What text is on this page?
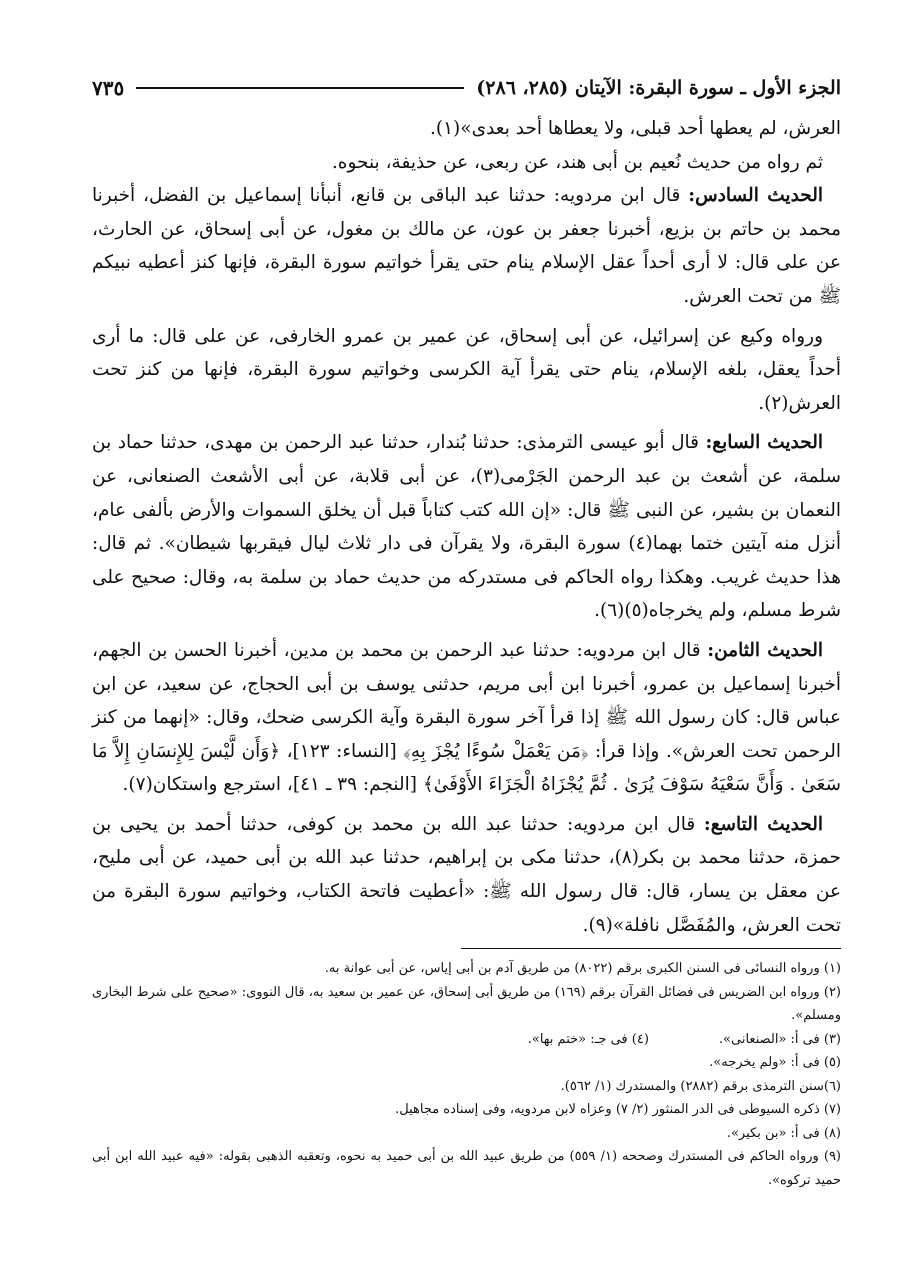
الجزء الأول ـ سورة البقرة: الآيتان (٢٨٥، ٢٨٦)
٧٣٥

العرش، لم يعطها أحد قبلى، ولا يعطاها أحد بعدى»(١).

ثم رواه من حديث نُعيم بن أبى هند، عن ربعى، عن حذيفة، بنحوه.

الحديث السادس: قال ابن مردويه: حدثنا عبد الباقى بن قانع، أنبأنا إسماعيل بن الفضل، أخبرنا محمد بن حاتم بن بزيع، أخبرنا جعفر بن عون، عن مالك بن مغول، عن أبى إسحاق، عن الحارث، عن على قال: لا أرى أحداً عقل الإسلام ينام حتى يقرأ خواتيم سورة البقرة، فإنها كنز أعطيه نبيكم ﷺ من تحت العرش.

ورواه وكيع عن إسرائيل، عن أبى إسحاق، عن عمير بن عمرو الخارفى، عن على قال: ما أرى أحداً يعقل، بلغه الإسلام، ينام حتى يقرأ آية الكرسى وخواتيم سورة البقرة، فإنها من كنز تحت العرش(٢).

الحديث السابع: قال أبو عيسى الترمذى: حدثنا بُندار، حدثنا عبد الرحمن بن مهدى، حدثنا حماد بن سلمة، عن أشعث بن عبد الرحمن الجَرْمى(٣)، عن أبى قلابة، عن أبى الأشعث الصنعانى، عن النعمان بن بشير، عن النبى ﷺ قال: «إن الله كتب كتاباً قبل أن يخلق السموات والأرض بألفى عام، أنزل منه آيتين ختما بهما(٤) سورة البقرة، ولا يقرآن فى دار ثلاث ليال فيقربها شيطان». ثم قال: هذا حديث غريب. وهكذا رواه الحاكم فى مستدركه من حديث حماد بن سلمة به، وقال: صحيح على شرط مسلم، ولم يخرجاه(٥)(٦).

الحديث الثامن: قال ابن مردويه: حدثنا عبد الرحمن بن محمد بن مدين، أخبرنا الحسن بن الجهم، أخبرنا إسماعيل بن عمرو، أخبرنا ابن أبى مريم، حدثنى يوسف بن أبى الحجاج، عن سعيد، عن ابن عباس قال: كان رسول الله ﷺ إذا قرأ آخر سورة البقرة وآية الكرسى ضحك، وقال: «إنهما من كنز الرحمن تحت العرش». وإذا قرأ: ﴿مَن يَعْمَلْ سُوءًا يُجْزَ بِهِ﴾ [النساء: ١٢٣]، ﴿وَأَن لَّيْسَ لِلإِنسَانِ إِلاَّ مَا سَعَىٰ . وَأَنَّ سَعْيَهُ سَوْفَ يُرَىٰ . ثُمَّ يُجْزَاهُ الْجَزَاءَ الأَوْفَىٰ﴾ [النجم: ٣٩ ـ ٤١]، استرجع واستكان(٧).

الحديث التاسع: قال ابن مردويه: حدثنا عبد الله بن محمد بن كوفى، حدثنا أحمد بن يحيى بن حمزة، حدثنا محمد بن بكر(٨)، حدثنا مكى بن إبراهيم، حدثنا عبد الله بن أبى حميد، عن أبى مليح، عن معقل بن يسار، قال: قال رسول الله ﷺ: «أعطيت فاتحة الكتاب، وخواتيم سورة البقرة من تحت العرش، والمُفَصَّل نافلة»(٩).

(١) ورواه النسائى فى السنن الكبرى برقم (٨٠٢٢) من طريق آدم بن أبى إياس، عن أبى عوانة به.

(٢) ورواه ابن الضريس فى فضائل القرآن برقم (١٦٩) من طريق أبى إسحاق، عن عمير بن سعيد به، قال النووى: «صحيح على شرط البخارى ومسلم».

(٣) فى أ: «الصنعانى».
(٤) فى جـ: «ختم بها».

(٥) فى أ: «ولم يخرجه».

(٦)سنن الترمذى برقم (٢٨٨٢) والمستدرك (١/ ٥٦٢).

(٧) ذكره السيوطى فى الدر المنثور (٢/ ٧) وعزاه لابن مردويه، وفى إسناده مجاهيل.

(٨) فى أ: «بن بكير».

(٩) ورواه الحاكم فى المستدرك وصححه (١/ ٥٥٩) من طريق عبيد الله بن أبى حميد به نحوه، وتعقبه الذهبى بقوله: «فيه عبيد الله ابن أبى حميد تركوه».
